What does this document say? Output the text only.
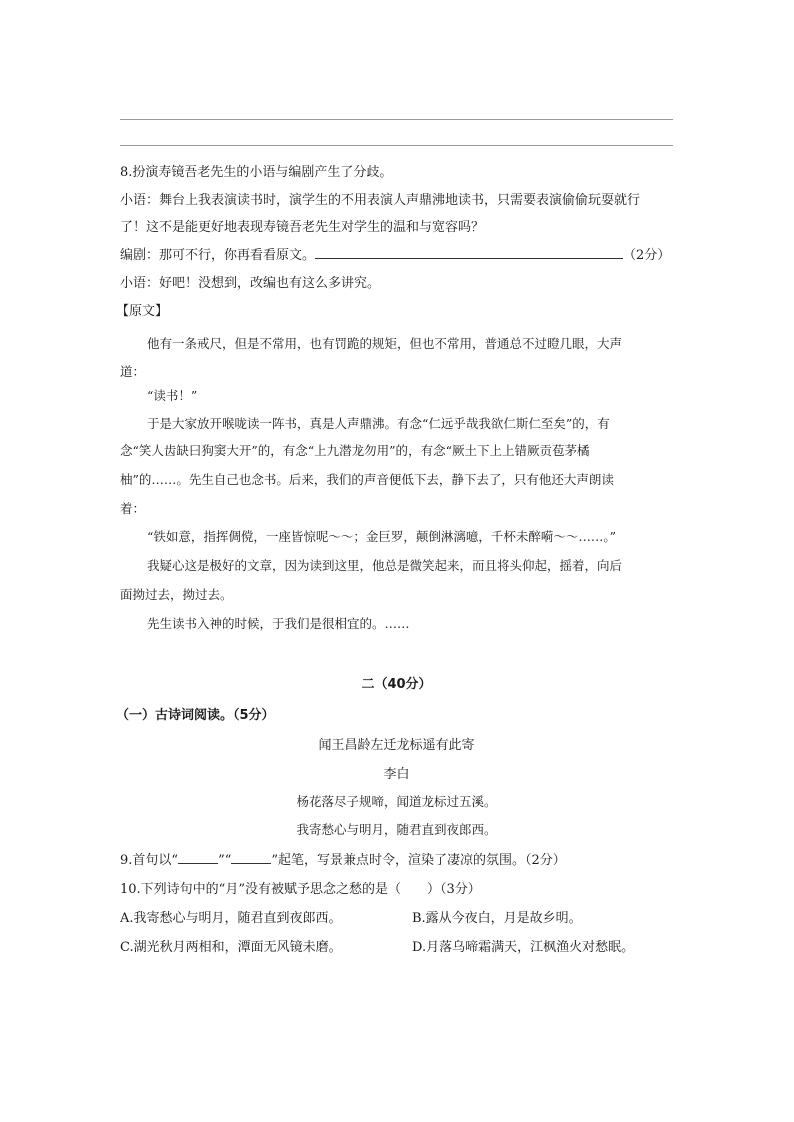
8.扮演寿镜吾老先生的小语与编剧产生了分歧。
小语：舞台上我表演读书时，演学生的不用表演人声鼎沸地读书，只需要表演偷偷玩耍就行
了！这不是能更好地表现寿镜吾老先生对学生的温和与宽容吗？
编剧：那可不行，你再看看原文。	（2分）
小语：好吧！没想到，改编也有这么多讲究。
【原文】
他有一条戒尺，但是不常用，也有罚跪的规矩，但也不常用，普通总不过瞪几眼，大声
道：
“读书！”
于是大家放开喉咙读一阵书，真是人声鼎沸。有念“仁远乎哉我欲仁斯仁至矣”的，有
念“笑人齿缺曰狗窦大开”的，有念“上九潜龙勿用”的，有念“厥土下上上错厥贡苞茅橘
柚”的……。先生自己也念书。后来，我们的声音便低下去，静下去了，只有他还大声朗读
着：
“铁如意，指挥倜傥，一座皆惊呢～～；金巨罗，颠倒淋漓噫，千杯未醉嗬～～……。”
我疑心这是极好的文章，因为读到这里，他总是微笑起来，而且将头仰起，摇着，向后
面拗过去，拗过去。
先生读书入神的时候，于我们是很相宜的。……
二（40分）
（一）古诗词阅读。（5分）
闻王昌龄左迁龙标遥有此寄
李白
杨花落尽子规啼，闻道龙标过五溪。
我寄愁心与明月，随君直到夜郎西。
9.首句以“	”“	”起笔，写景兼点时令，渲染了凄凉的氛围。（2分）
10.下列诗句中的“月”没有被赋予思念之愁的是（　　）（3分）
A.我寄愁心与明月，随君直到夜郎西。	B.露从今夜白，月是故乡明。
C.湖光秋月两相和，潭面无风镜未磨。	D.月落乌啼霜满天，江枫渔火对愁眠。
